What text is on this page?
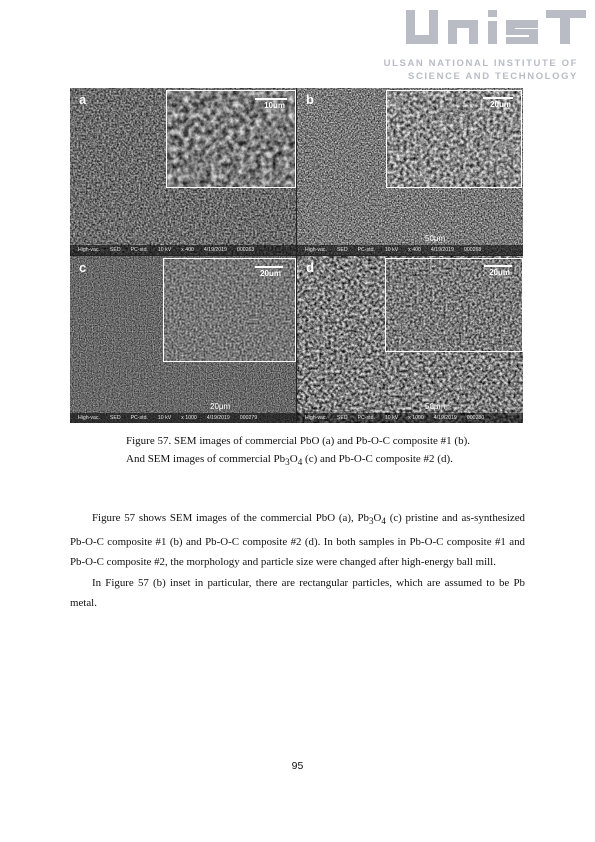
ULSAN NATIONAL INSTITUTE OF
SCIENCE AND TECHNOLOGY
10um
a
High-vac. SED PC-std. 10 kV x 400 4/19/2019 000263
20um
b
50μm
High-vac. SED PC-std. 10 kV x 400 4/19/2019 000268
20um
c
20μm
High-vac. SED PC-std. 10 kV x 1000 4/19/2019 000279
20um
d
50μm
High-vac. SED PC-std. 10 kV x 1000 4/19/2019 000280
Figure 57. SEM images of commercial PbO (a) and Pb-O-C composite #1 (b).
And SEM images of commercial $Pb_3O_4$ (c) and Pb-O-C composite #2 (d).

Figure 57 shows SEM images of the commercial PbO (a), $Pb_3O_4$ (c) pristine and as-synthesized Pb-O-C composite #1 (b) and Pb-O-C composite #2 (d). In both samples in Pb-O-C composite #1 and Pb-O-C composite #2, the morphology and particle size were changed after high-energy ball mill.

In Figure 57 (b) inset in particular, there are rectangular particles, which are assumed to be Pb metal.

95
